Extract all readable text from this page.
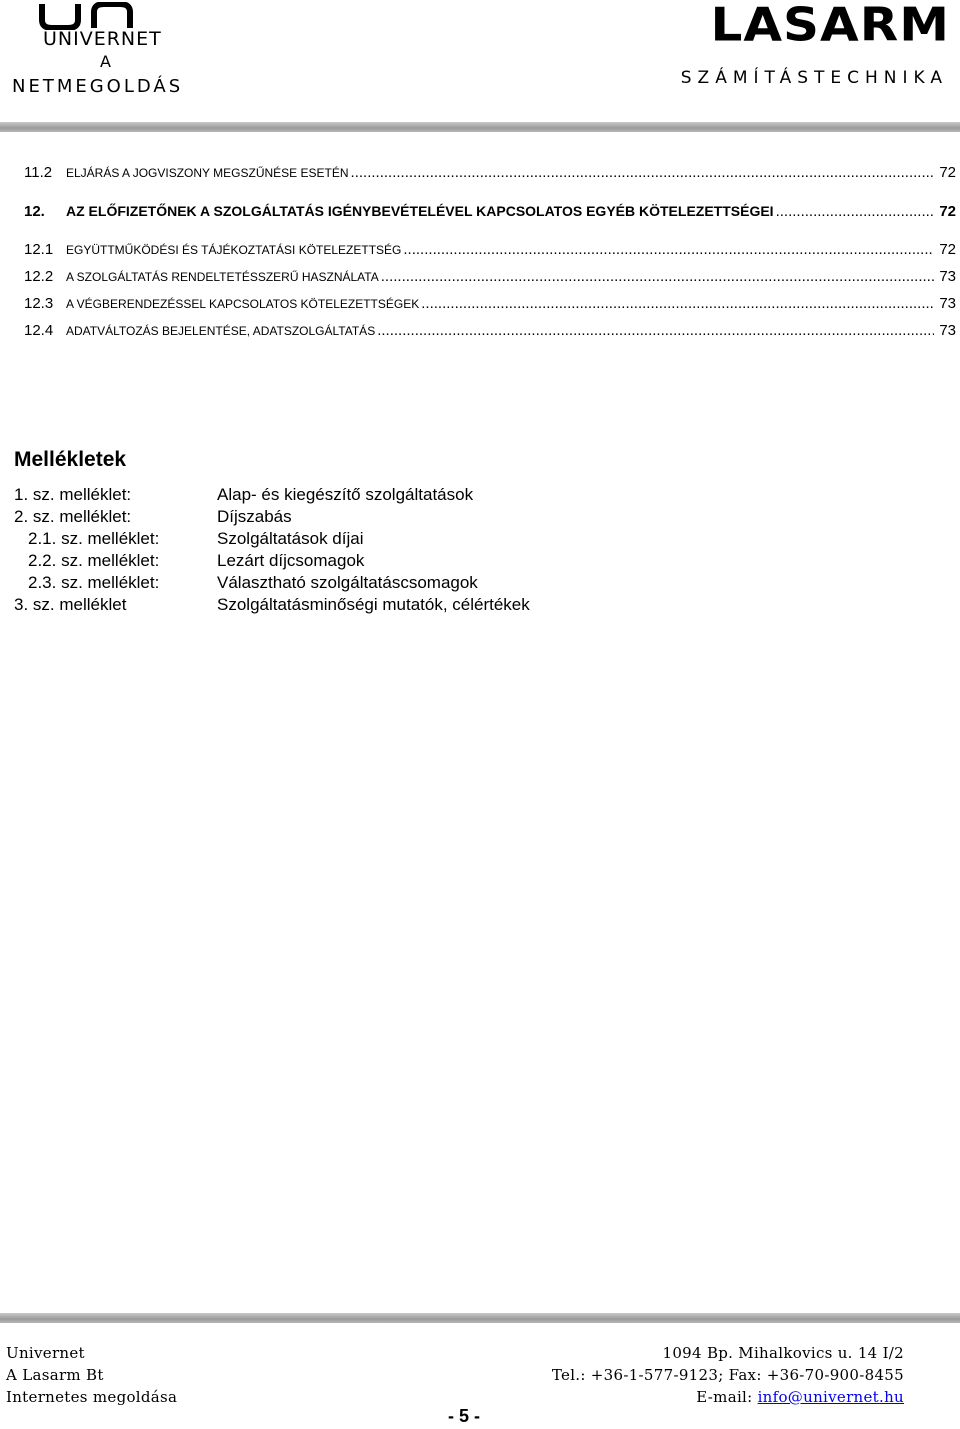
UNIVERNET
A
NETMEGOLDÁS
LASARM
SZÁMÍTÁSTECHNIKA
11.2	ELJÁRÁS A JOGVISZONY MEGSZŰNÉSE ESETÉN .....	72
12.	AZ ELŐFIZETŐNEK A SZOLGÁLTATÁS IGÉNYBEVÉTELÉVEL KAPCSOLATOS EGYÉB KÖTELEZETTSÉGEI .....	72
12.1	EGYÜTTMŰKÖDÉSI ÉS TÁJÉKOZTATÁSI KÖTELEZETTSÉG .....	72
12.2	A SZOLGÁLTATÁS RENDELTETÉSSZERŰ HASZNÁLATA .....	73
12.3	A VÉGBERENDEZÉSSEL KAPCSOLATOS KÖTELEZETTSÉGEK .....	73
12.4	ADATVÁLTOZÁS BEJELENTÉSE, ADATSZOLGÁLTATÁS .....	73
Mellékletek
1. sz. melléklet:	Alap- és kiegészítő szolgáltatások
2. sz. melléklet:	Díjszabás
2.1. sz. melléklet:	Szolgáltatások díjai
2.2. sz. melléklet:	Lezárt díjcsomagok
2.3. sz. melléklet:	Választható szolgáltatáscsomagok
3. sz. melléklet	Szolgáltatásminőségi mutatók, célértékek
Univernet
A Lasarm Bt
Internetes megoldása
1094 Bp. Mihalkovics u. 14 I/2
Tel.: +36-1-577-9123; Fax: +36-70-900-8455
E-mail: info@univernet.hu
- 5 -
